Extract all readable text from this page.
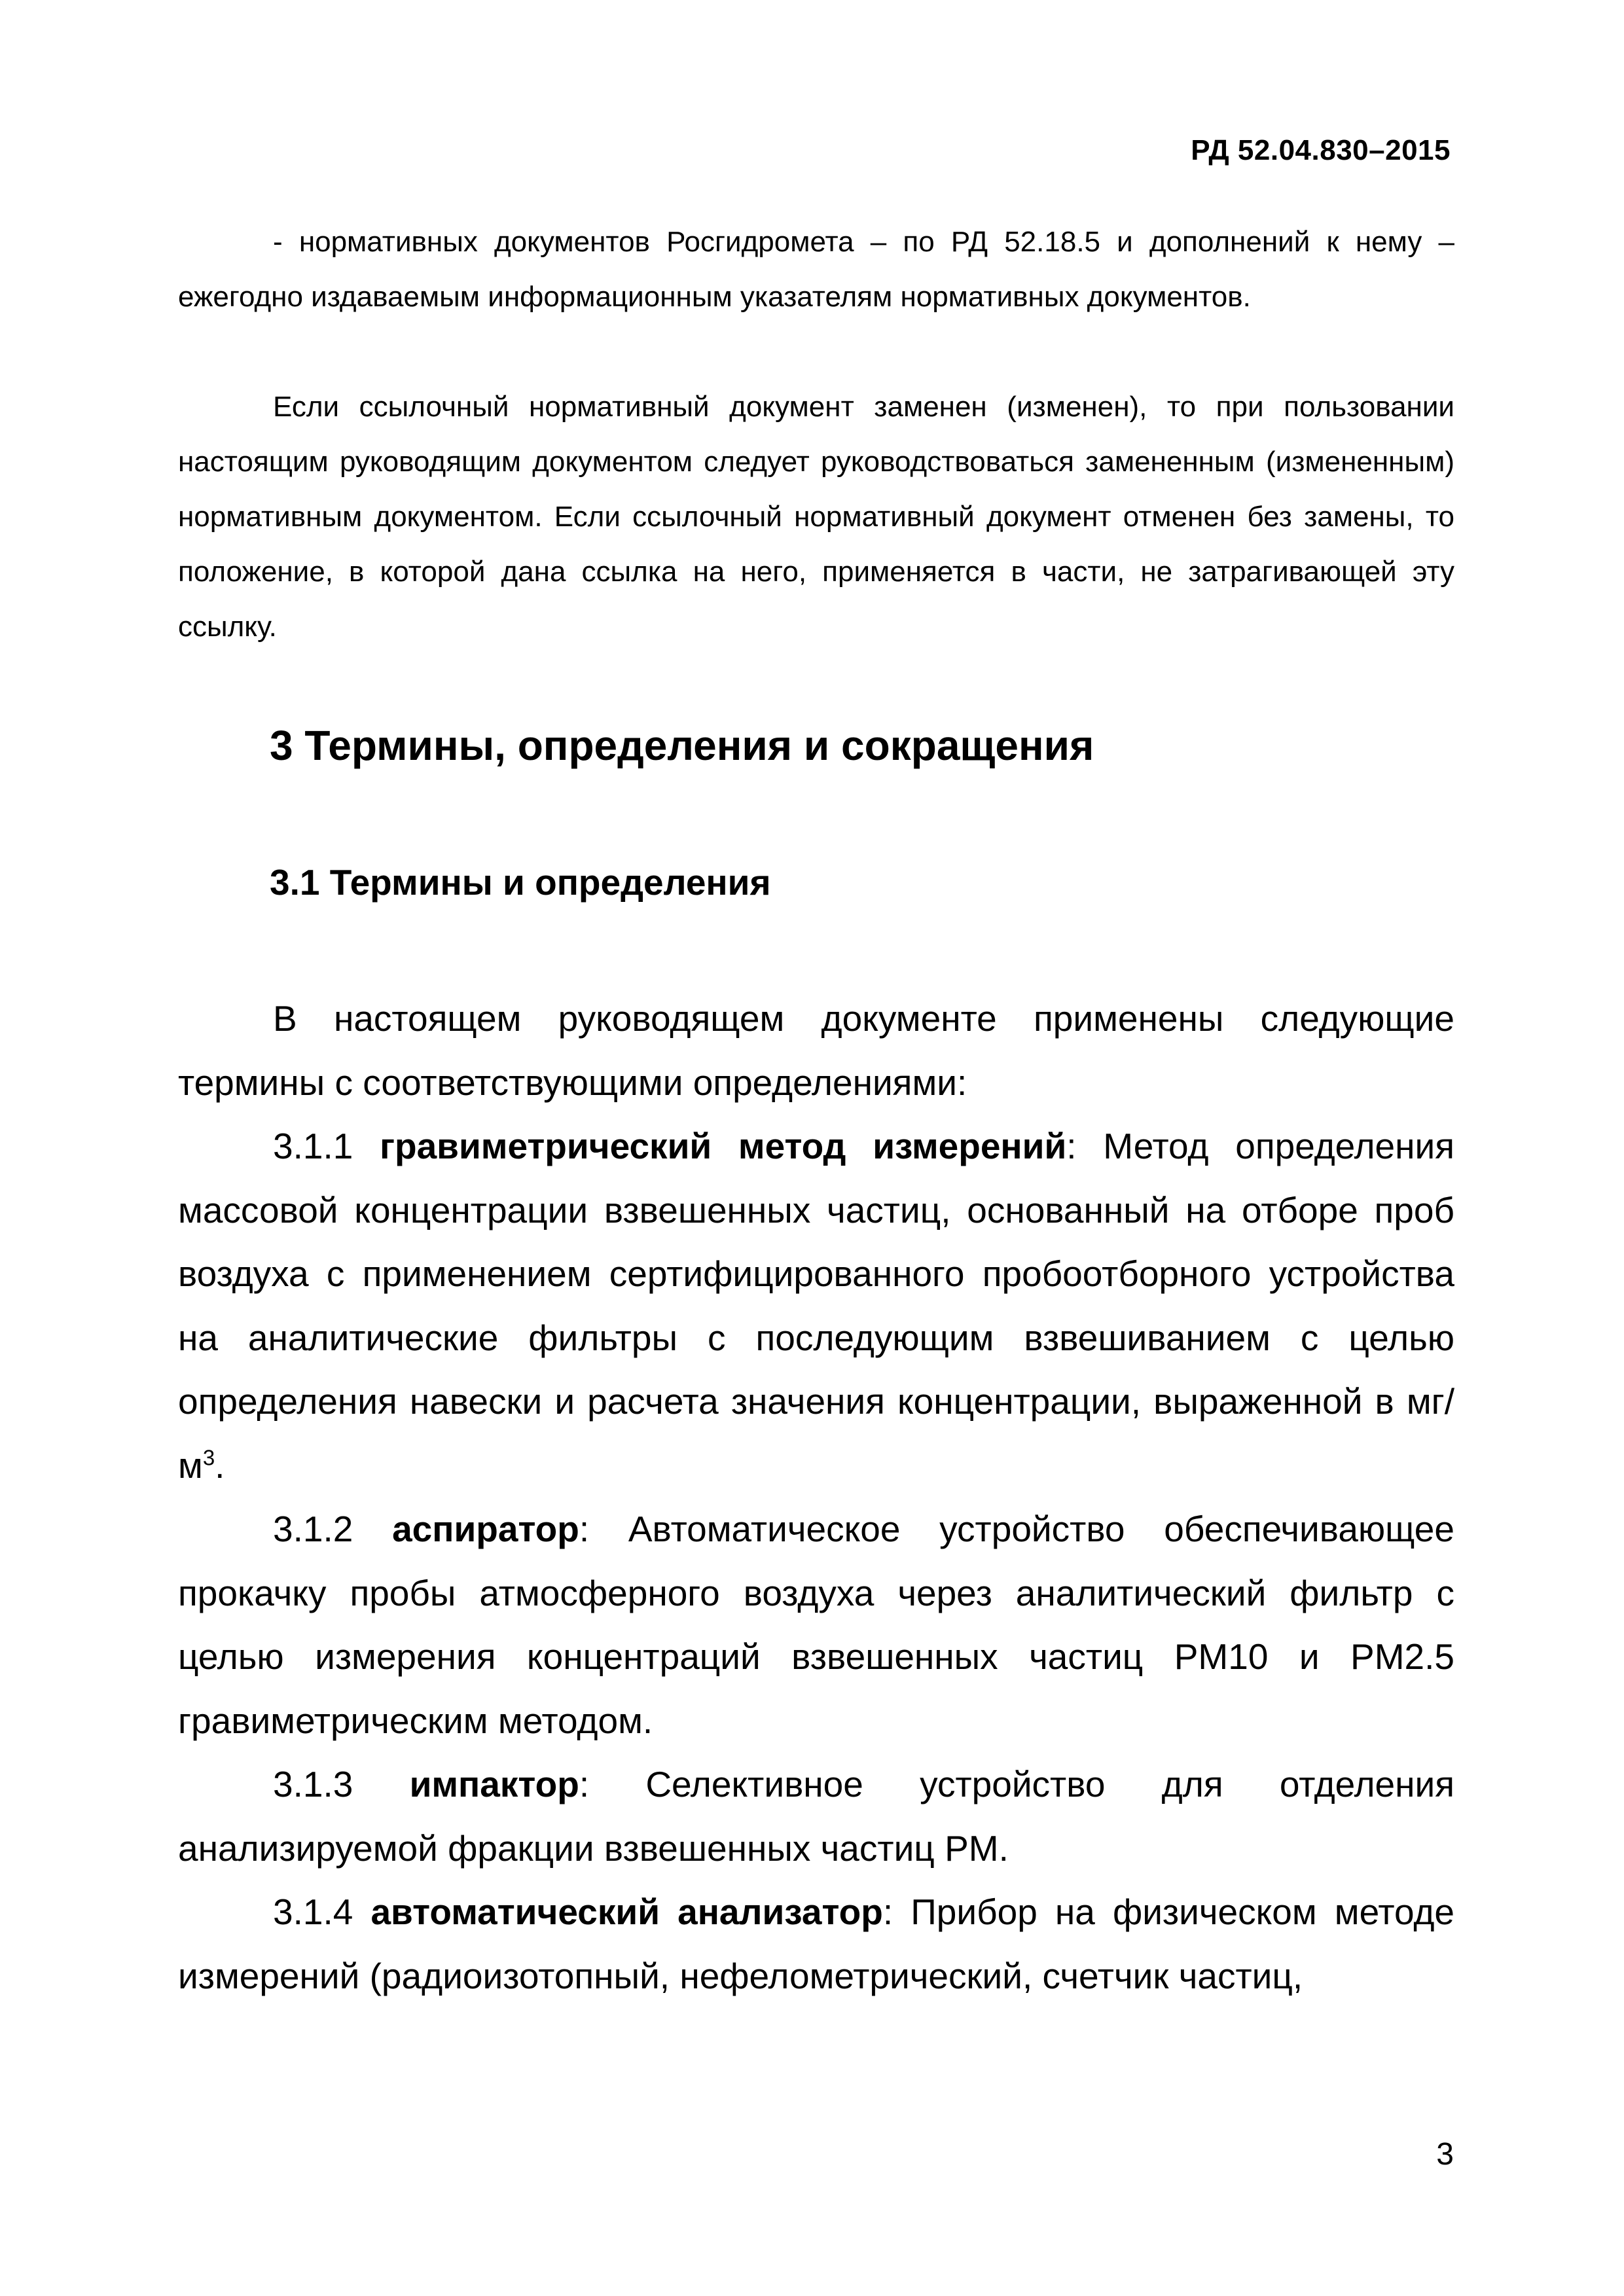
РД 52.04.830–2015

- нормативных документов Росгидромета – по РД 52.18.5 и дополнений к нему – ежегодно издаваемым информационным указателям нормативных документов.

Если ссылочный нормативный документ заменен (изменен), то при пользовании настоящим руководящим документом следует руководствоваться замененным (измененным) нормативным документом. Если ссылочный нормативный документ отменен без замены, то положение, в которой дана ссылка на него, применяется в части, не затрагивающей эту ссылку.

3 Термины, определения и сокращения
3.1 Термины и определения

В настоящем руководящем документе применены следующие термины с соответствующими определениями:

3.1.1 гравиметрический метод измерений: Метод определения массовой концентрации взвешенных частиц, основанный на отборе проб воздуха с применением сертифицированного пробоотборного устройства на аналитические фильтры с последующим взвешиванием с целью определения навески и расчета значения концентрации, выраженной в $мг/м^3$.

3.1.2 аспиратор: Автоматическое устройство обеспечивающее прокачку пробы атмосферного воздуха через аналитический фильтр с целью измерения концентраций взвешенных частиц PM10 и PM2.5 гравиметрическим методом.

3.1.3 импактор: Селективное устройство для отделения анализируемой фракции взвешенных частиц PM.

3.1.4 автоматический анализатор: Прибор на физическом методе измерений (радиоизотопный, нефелометрический, счетчик частиц,

3
